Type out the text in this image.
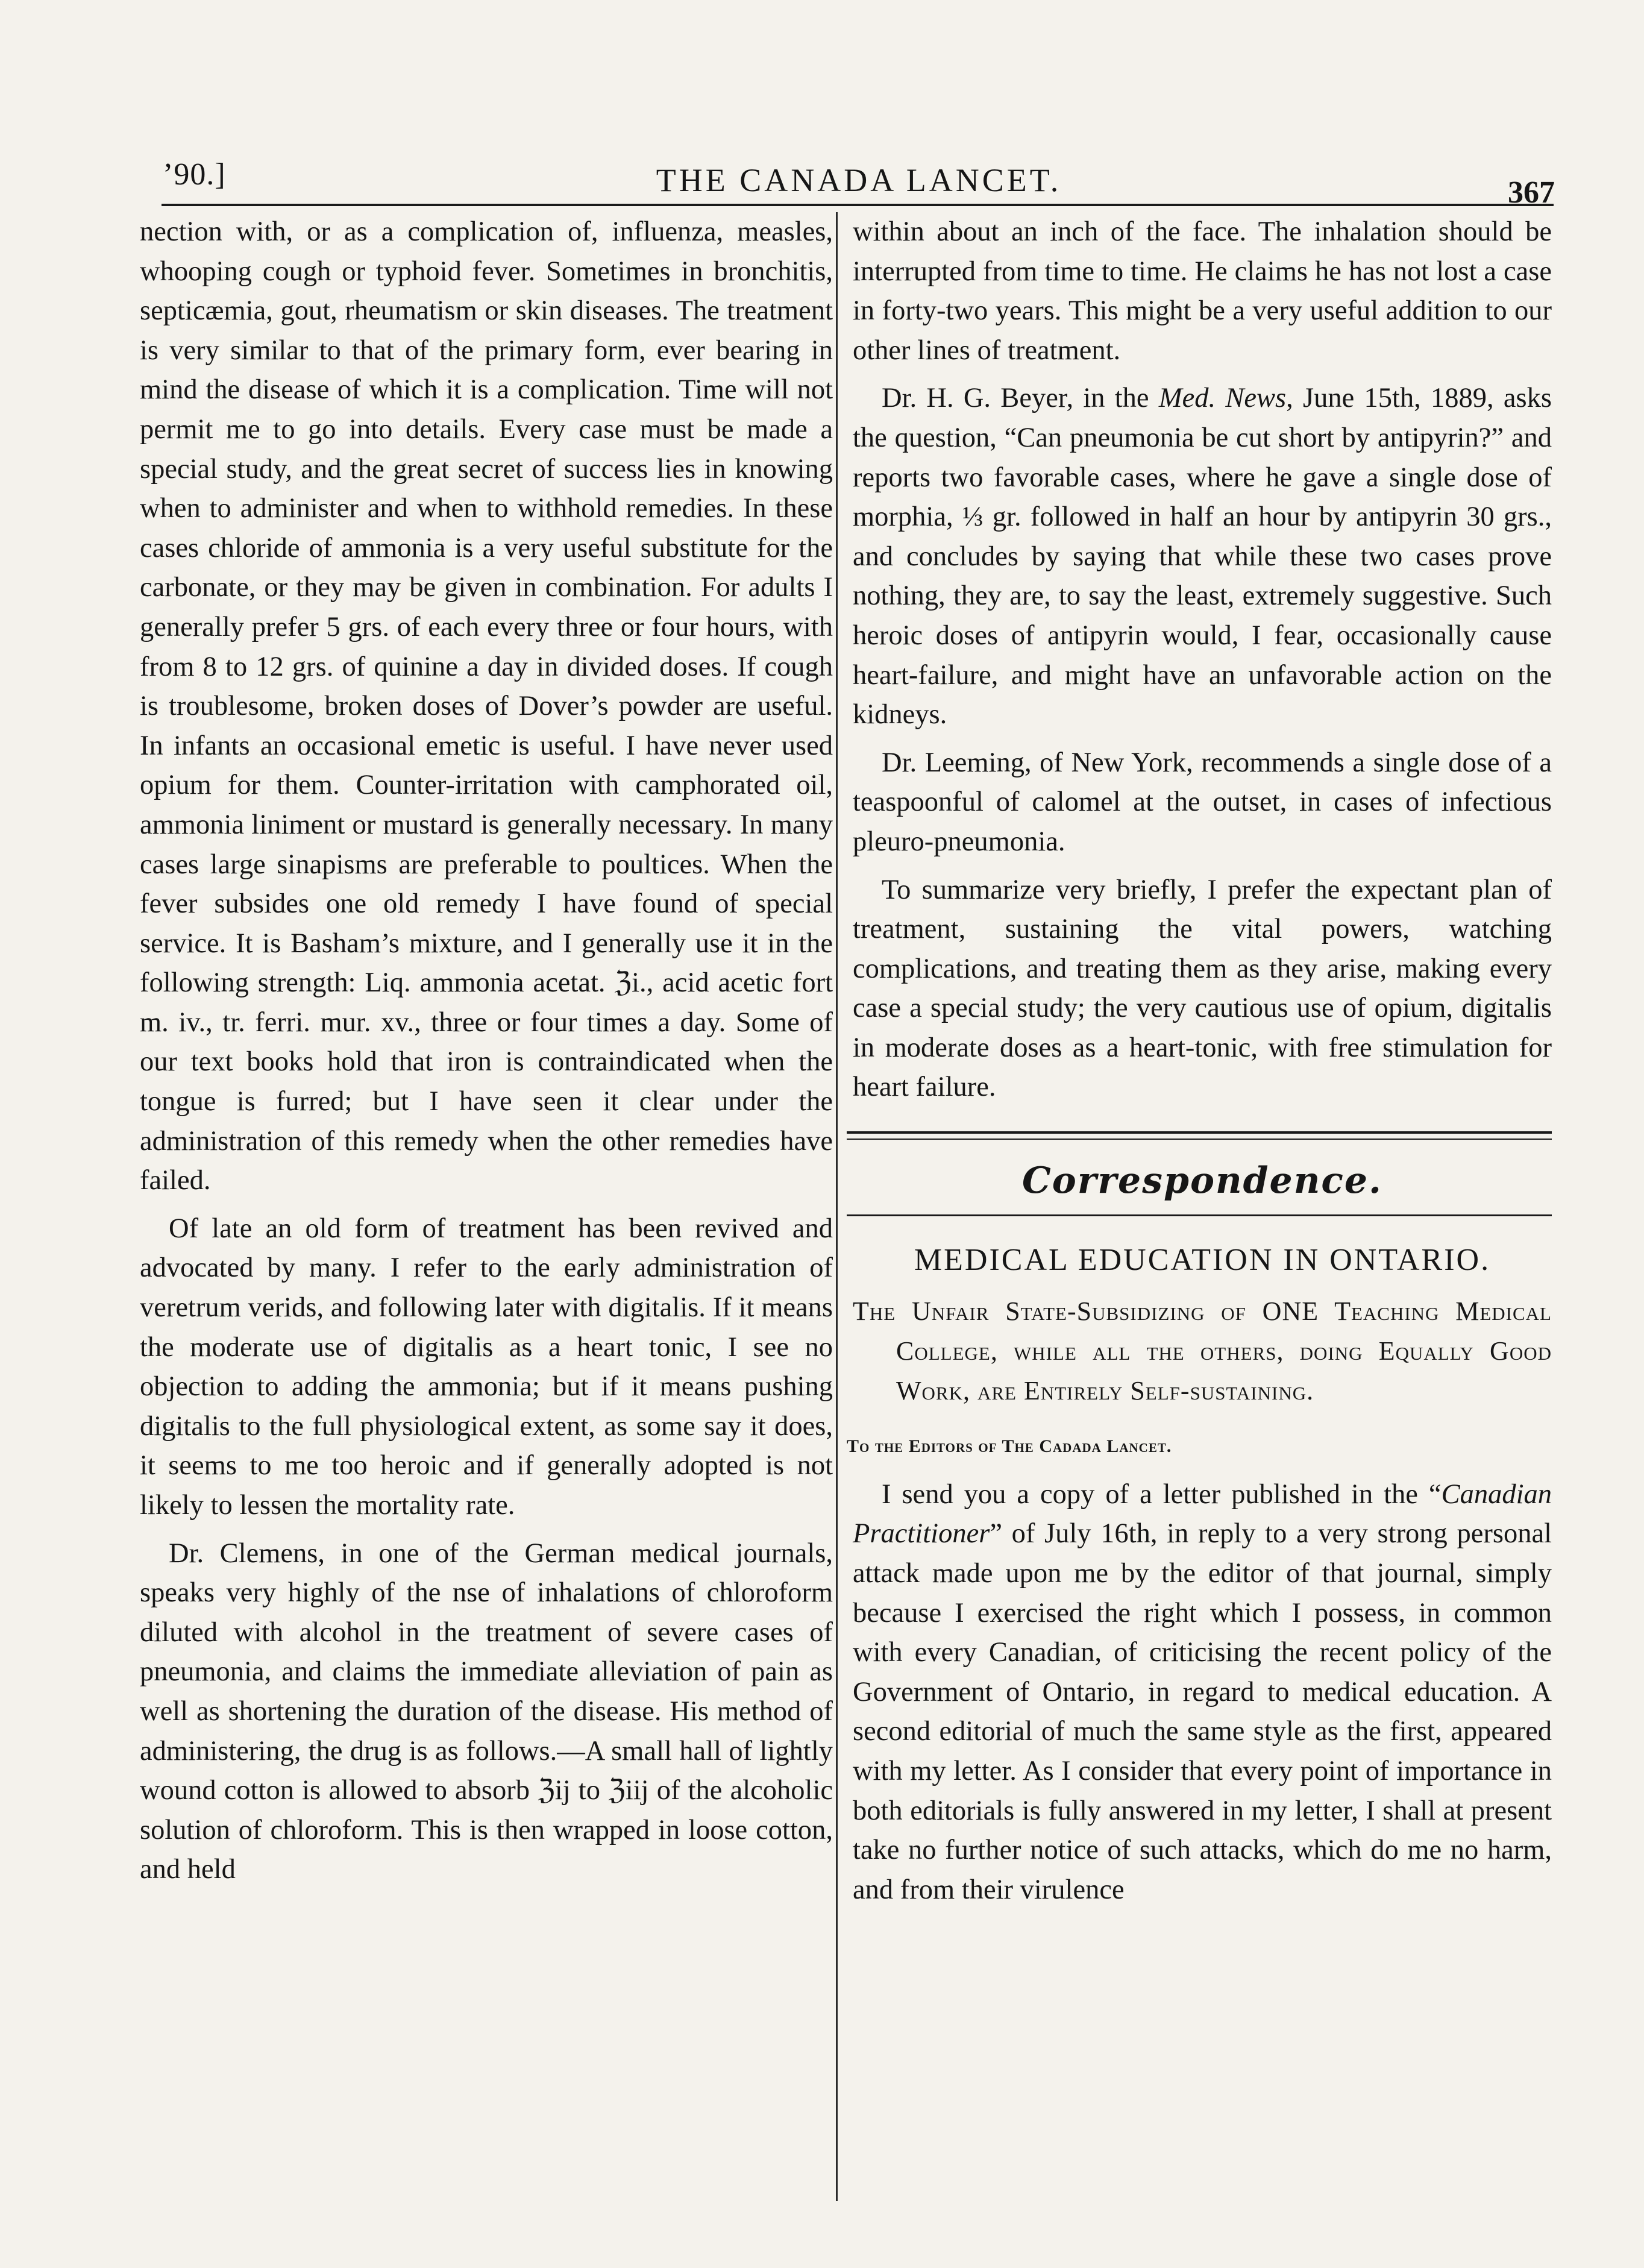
’90.]	THE CANADA LANCET.	367

nection with, or as a complication of, influenza, measles, whooping cough or typhoid fever. Sometimes in bronchitis, septicæmia, gout, rheumatism or skin diseases. The treatment is very similar to that of the primary form, ever bearing in mind the disease of which it is a complication. Time will not permit me to go into details. Every case must be made a special study, and the great secret of success lies in knowing when to administer and when to withhold remedies. In these cases chloride of ammonia is a very useful substitute for the carbonate, or they may be given in combination. For adults I generally prefer 5 grs. of each every three or four hours, with from 8 to 12 grs. of quinine a day in divided doses. If cough is troublesome, broken doses of Dover’s powder are useful. In infants an occasional emetic is useful. I have never used opium for them. Counter-irritation with camphorated oil, ammonia liniment or mustard is generally necessary. In many cases large sinapisms are preferable to poultices. When the fever subsides one old remedy I have found of special service. It is Basham’s mixture, and I generally use it in the following strength: Liq. ammonia acetat. ℨi., acid acetic fort m. iv., tr. ferri. mur. xv., three or four times a day. Some of our text books hold that iron is contraindicated when the tongue is furred; but I have seen it clear under the administration of this remedy when the other remedies have failed.

Of late an old form of treatment has been revived and advocated by many. I refer to the early administration of veretrum verids, and following later with digitalis. If it means the moderate use of digitalis as a heart tonic, I see no objection to adding the ammonia; but if it means pushing digitalis to the full physiological extent, as some say it does, it seems to me too heroic and if generally adopted is not likely to lessen the mortality rate.

Dr. Clemens, in one of the German medical journals, speaks very highly of the nse of inhalations of chloroform diluted with alcohol in the treatment of severe cases of pneumonia, and claims the immediate alleviation of pain as well as shortening the duration of the disease. His method of administering, the drug is as follows.—A small hall of lightly wound cotton is allowed to absorb ℨij to ℨiij of the alcoholic solution of chloroform. This is then wrapped in loose cotton, and held

within about an inch of the face. The inhalation should be interrupted from time to time. He claims he has not lost a case in forty-two years. This might be a very useful addition to our other lines of treatment.

Dr. H. G. Beyer, in the Med. News, June 15th, 1889, asks the question, “Can pneumonia be cut short by antipyrin?” and reports two favorable cases, where he gave a single dose of morphia, ⅓ gr. followed in half an hour by antipyrin 30 grs., and concludes by saying that while these two cases prove nothing, they are, to say the least, extremely suggestive. Such heroic doses of antipyrin would, I fear, occasionally cause heart-failure, and might have an unfavorable action on the kidneys.

Dr. Leeming, of New York, recommends a single dose of a teaspoonful of calomel at the outset, in cases of infectious pleuro-pneumonia.

To summarize very briefly, I prefer the expectant plan of treatment, sustaining the vital powers, watching complications, and treating them as they arise, making every case a special study; the very cautious use of opium, digitalis in moderate doses as a heart-tonic, with free stimulation for heart failure.

Correspondence.
MEDICAL EDUCATION IN ONTARIO.
The Unfair State-Subsidizing of ONE Teaching Medical College, while all the others, doing Equally Good Work, are Entirely Self-sustaining.
To the Editors of The Cadada Lancet.

I send you a copy of a letter published in the “Canadian Practitioner” of July 16th, in reply to a very strong personal attack made upon me by the editor of that journal, simply because I exercised the right which I possess, in common with every Canadian, of criticising the recent policy of the Government of Ontario, in regard to medical education. A second editorial of much the same style as the first, appeared with my letter. As I consider that every point of importance in both editorials is fully answered in my letter, I shall at present take no further notice of such attacks, which do me no harm, and from their virulence
